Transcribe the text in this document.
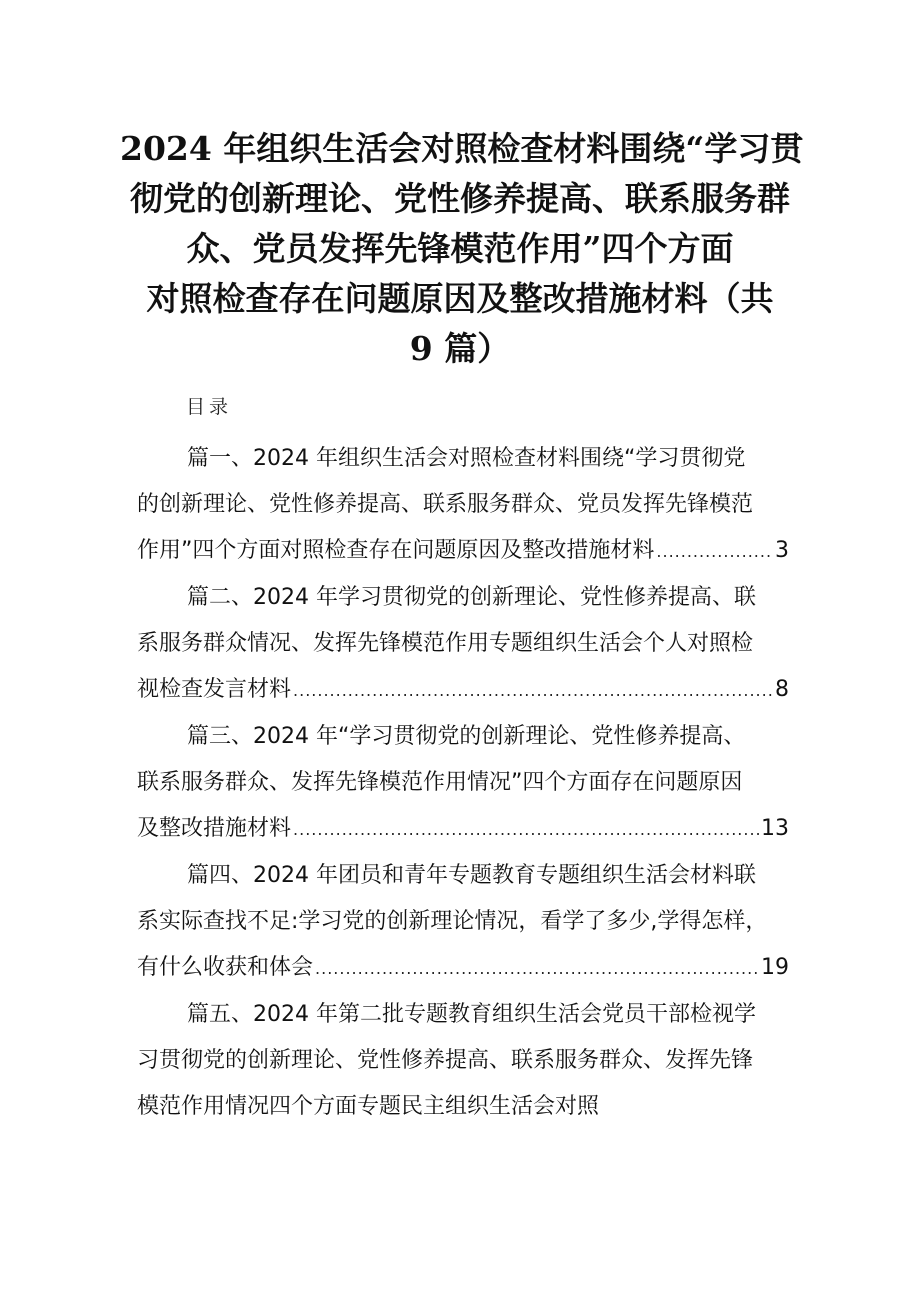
2024 年组织生活会对照检查材料围绕“学习贯
彻党的创新理论、党性修养提高、联系服务群
众、党员发挥先锋模范作用”四个方面
对照检查存在问题原因及整改措施材料（共
9 篇）
目录
篇一、2024 年组织生活会对照检查材料围绕“学习贯彻党
的创新理论、党性修养提高、联系服务群众、党员发挥先锋模范
作用”四个方面对照检查存在问题原因及整改措施材料 .....	3
篇二、2024 年学习贯彻党的创新理论、党性修养提高、联
系服务群众情况、发挥先锋模范作用专题组织生活会个人对照检
视检查发言材料 .....	8
篇三、2024 年“学习贯彻党的创新理论、党性修养提高、
联系服务群众、发挥先锋模范作用情况”四个方面存在问题原因
及整改措施材料 .....	13
篇四、2024 年团员和青年专题教育专题组织生活会材料联
系实际查找不足:学习党的创新理论情况，看学了多少,学得怎样，
有什么收获和体会 .....	19
篇五、2024 年第二批专题教育组织生活会党员干部检视学
习贯彻党的创新理论、党性修养提高、联系服务群众、发挥先锋
模范作用情况四个方面专题民主组织生活会对照
